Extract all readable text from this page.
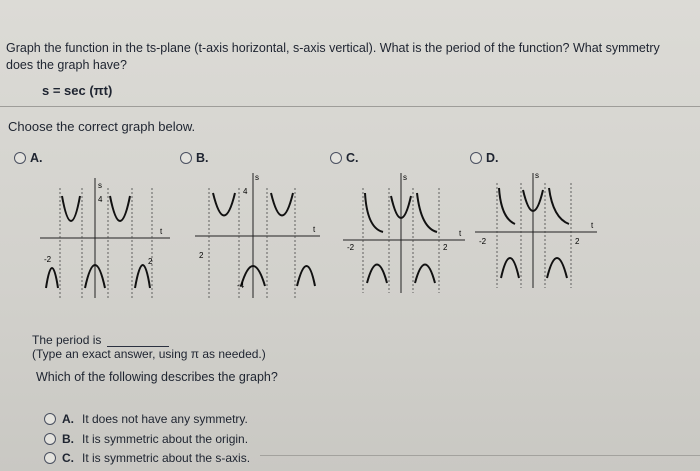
Graph the function in the ts-plane (t-axis horizontal, s-axis vertical). What is the period of the function? What symmetry does the graph have?
s = sec (πt)
Choose the correct graph below.
A.	B.	C.	D.
s
4
t
-2	2
s
4
t
2
-4
s
t
-2	2
s
t
-2	2
The period is
(Type an exact answer, using π as needed.)
Which of the following describes the graph?
A. It does not have any symmetry.
B. It is symmetric about the origin.
C. It is symmetric about the s-axis.
